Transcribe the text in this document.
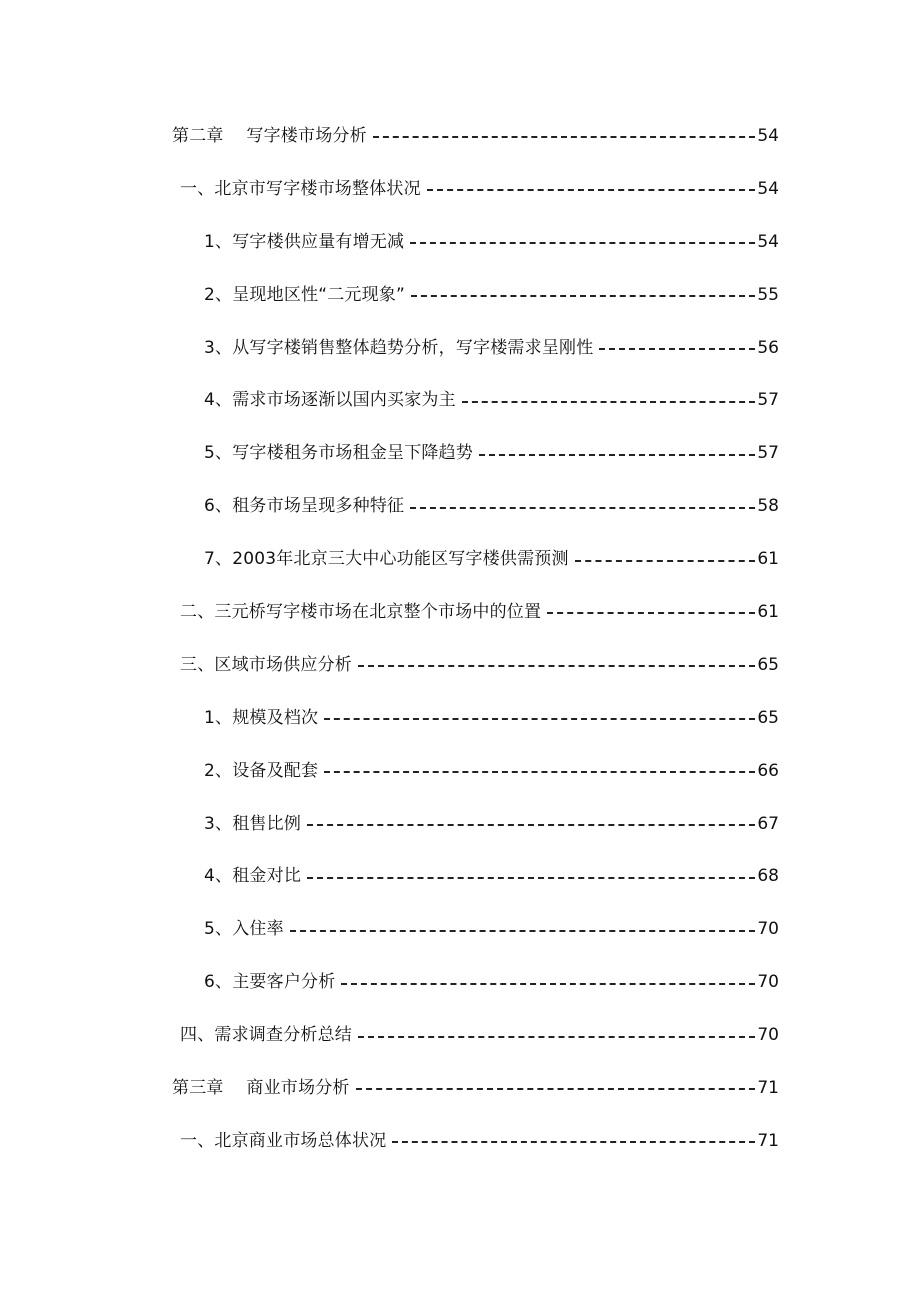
第二章　 写字楼市场分析	54
一、北京市写字楼市场整体状况	54
1、写字楼供应量有增无减	54
2、呈现地区性“二元现象”	55
3、从写字楼销售整体趋势分析，写字楼需求呈刚性	56
4、需求市场逐渐以国内买家为主	57
5、写字楼租务市场租金呈下降趋势	57
6、租务市场呈现多种特征	58
7、2003年北京三大中心功能区写字楼供需预测	61
二、三元桥写字楼市场在北京整个市场中的位置	61
三、区域市场供应分析	65
1、规模及档次	65
2、设备及配套	66
3、租售比例	67
4、租金对比	68
5、入住率	70
6、主要客户分析	70
四、需求调查分析总结	70
第三章　 商业市场分析	71
一、北京商业市场总体状况	71
